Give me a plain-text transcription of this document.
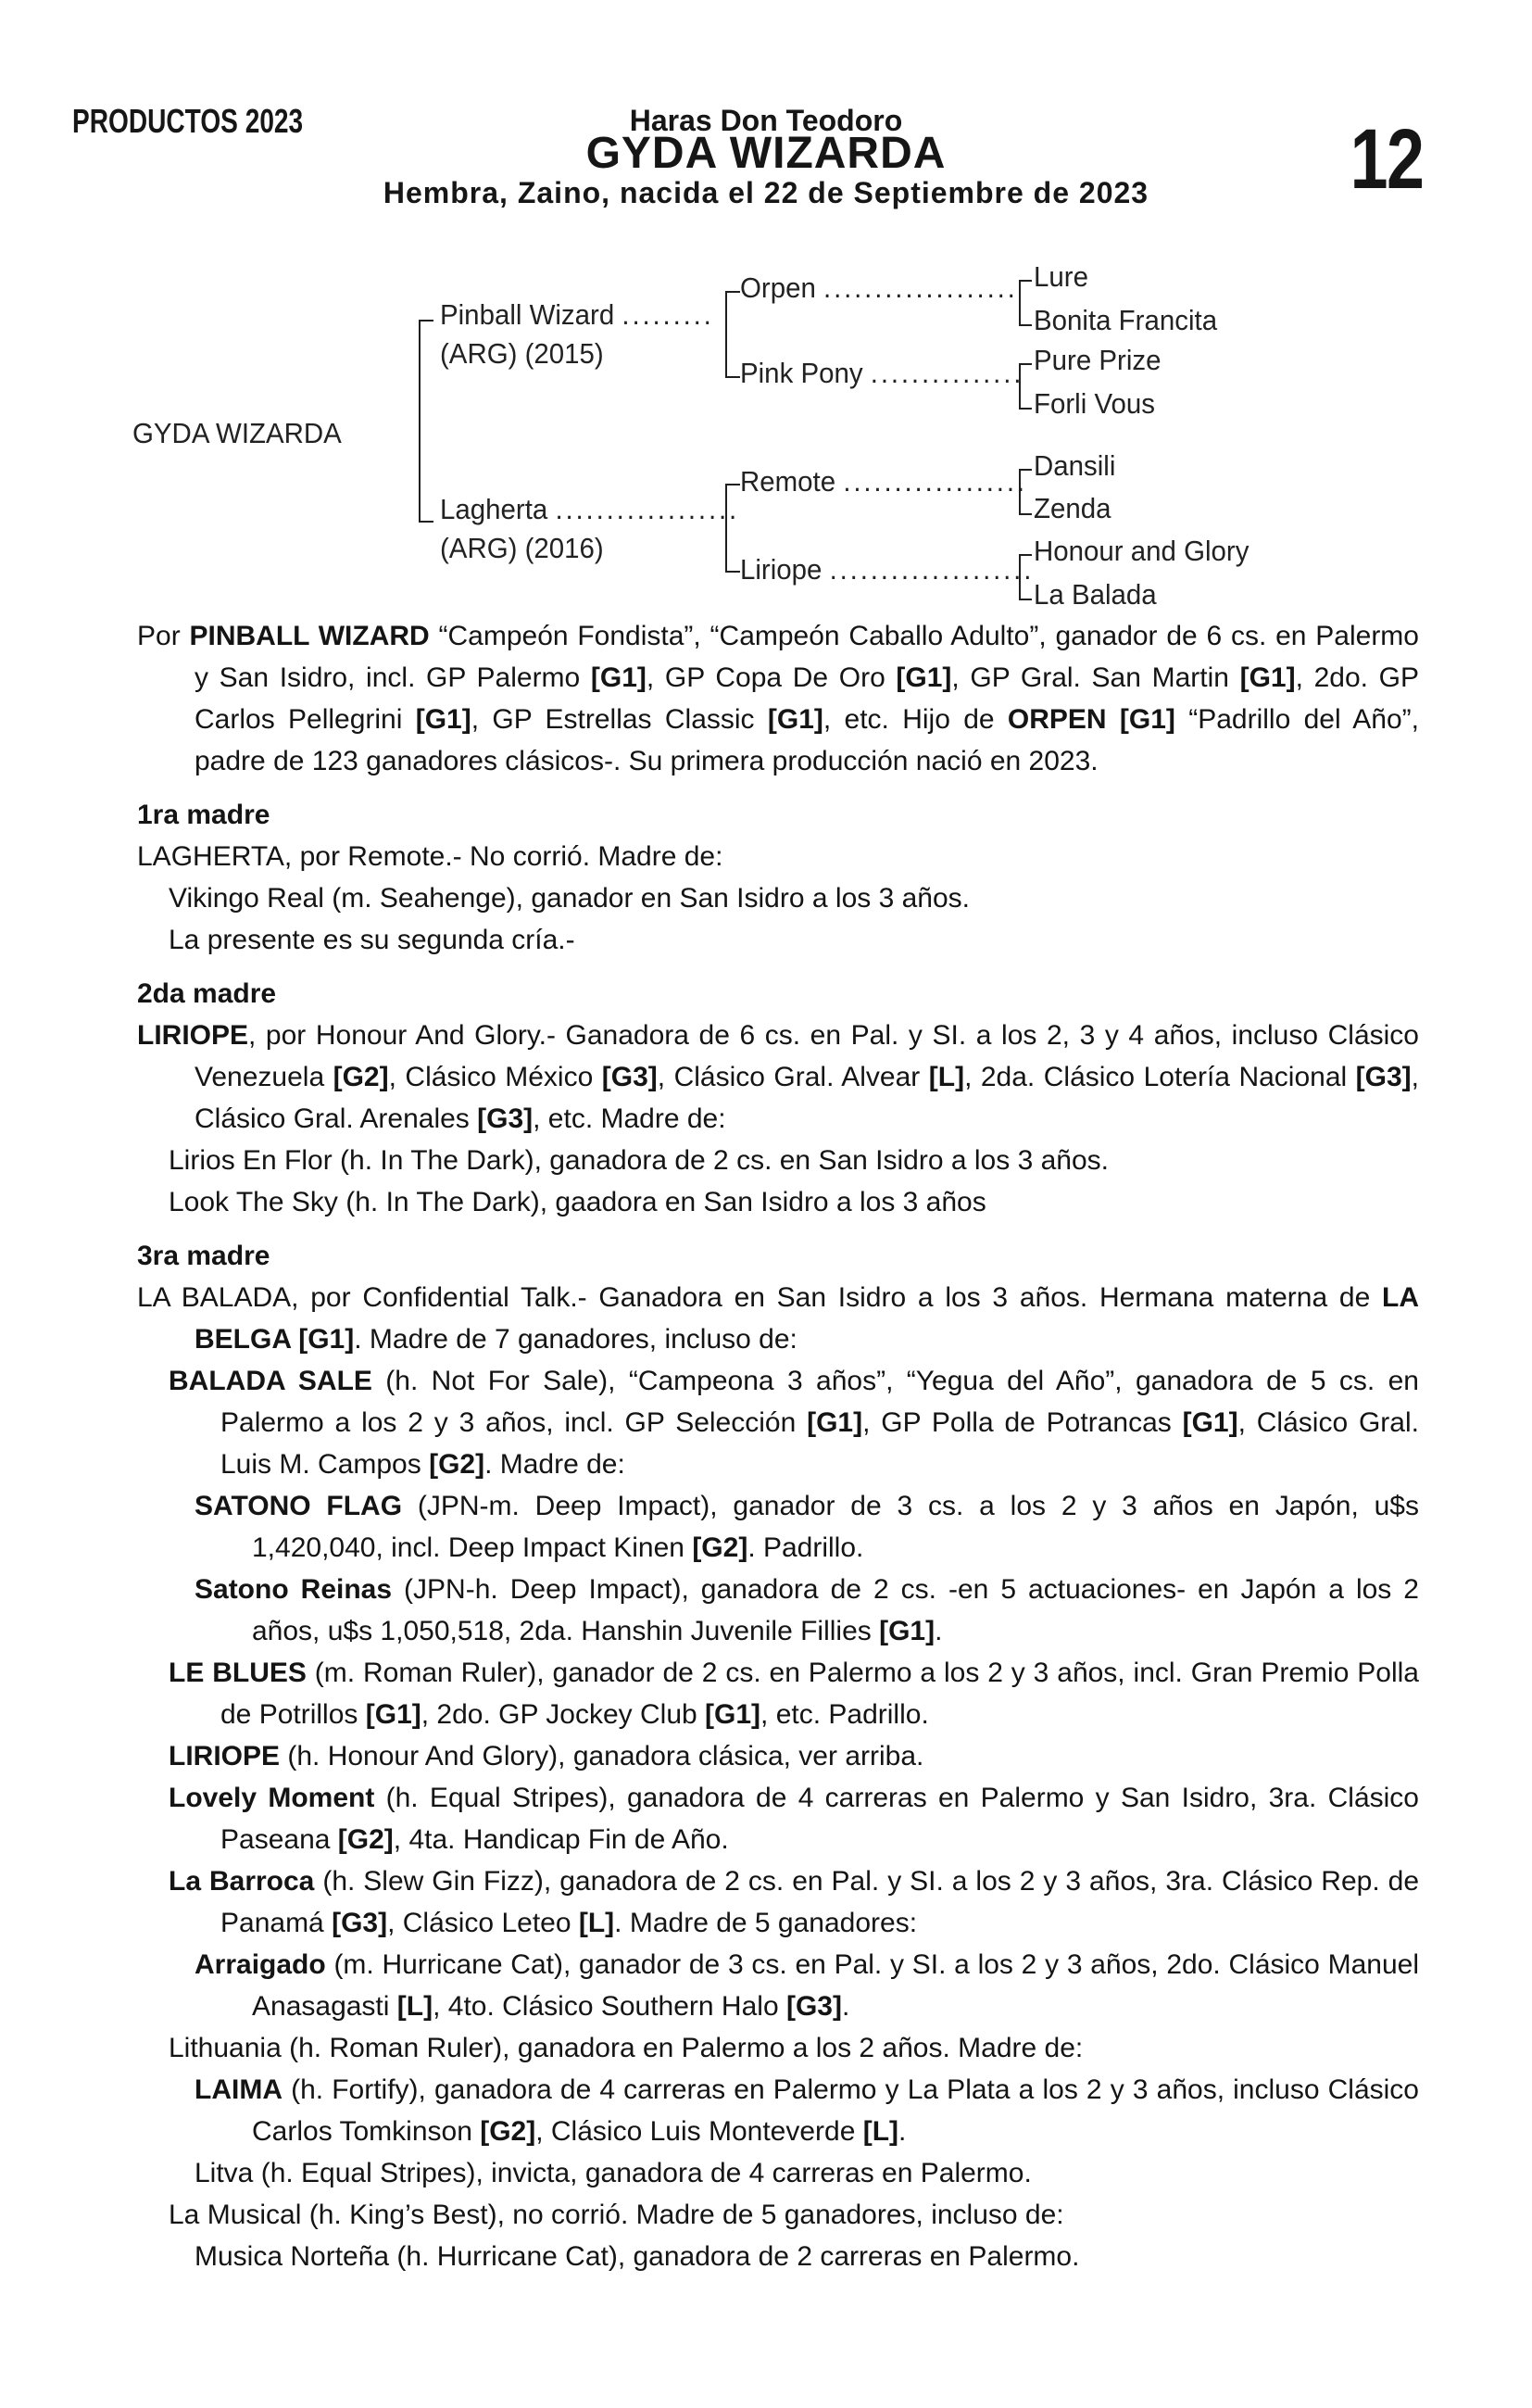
PRODUCTOS 2023	Haras Don Teodoro	12
GYDA WIZARDA
Hembra, Zaino, nacida el 22 de Septiembre de 2023
GYDA WIZARDA
Pinball Wizard .........
(ARG) (2015)
Lagherta ..................
(ARG) (2016)
Orpen ...................
Pink Pony ...............
Remote ..................
Liriope ....................
Lure
Bonita Francita
Pure Prize
Forli Vous
Dansili
Zenda
Honour and Glory
La Balada
Por PINBALL WIZARD “Campeón Fondista”, “Campeón Caballo Adulto”, ganador de 6 cs. en Palermo y San Isidro, incl. GP Palermo [G1], GP Copa De Oro [G1], GP Gral. San Martin [G1], 2do. GP Carlos Pellegrini [G1], GP Estrellas Classic [G1], etc. Hijo de ORPEN [G1] “Padrillo del Año”, padre de 123 ganadores clásicos-. Su primera producción nació en 2023.
1ra madre
LAGHERTA, por Remote.- No corrió. Madre de:
Vikingo Real (m. Seahenge), ganador en San Isidro a los 3 años.
La presente es su segunda cría.-
2da madre
LIRIOPE, por Honour And Glory.- Ganadora de 6 cs. en Pal. y SI. a los 2, 3 y 4 años, incluso Clásico Venezuela [G2], Clásico México [G3], Clásico Gral. Alvear [L], 2da. Clásico Lotería Nacional [G3], Clásico Gral. Arenales [G3], etc. Madre de:
Lirios En Flor (h. In The Dark), ganadora de 2 cs. en San Isidro a los 3 años.
Look The Sky (h. In The Dark), gaadora en San Isidro a los 3 años
3ra madre
LA BALADA, por Confidential Talk.- Ganadora en San Isidro a los 3 años. Hermana materna de LA BELGA [G1]. Madre de 7 ganadores, incluso de:
BALADA SALE (h. Not For Sale), “Campeona 3 años”, “Yegua del Año”, ganadora de 5 cs. en Palermo a los 2 y 3 años, incl. GP Selección [G1], GP Polla de Potrancas [G1], Clásico Gral. Luis M. Campos [G2]. Madre de:
SATONO FLAG (JPN-m. Deep Impact), ganador de 3 cs. a los 2 y 3 años en Japón, u$s 1,420,040, incl. Deep Impact Kinen [G2]. Padrillo.
Satono Reinas (JPN-h. Deep Impact), ganadora de 2 cs. -en 5 actuaciones- en Japón a los 2 años, u$s 1,050,518, 2da. Hanshin Juvenile Fillies [G1].
LE BLUES (m. Roman Ruler), ganador de 2 cs. en Palermo a los 2 y 3 años, incl. Gran Premio Polla de Potrillos [G1], 2do. GP Jockey Club [G1], etc. Padrillo.
LIRIOPE (h. Honour And Glory), ganadora clásica, ver arriba.
Lovely Moment (h. Equal Stripes), ganadora de 4 carreras en Palermo y San Isidro, 3ra. Clásico Paseana [G2], 4ta. Handicap Fin de Año.
La Barroca (h. Slew Gin Fizz), ganadora de 2 cs. en Pal. y SI. a los 2 y 3 años, 3ra. Clásico Rep. de Panamá [G3], Clásico Leteo [L]. Madre de 5 ganadores:
Arraigado (m. Hurricane Cat), ganador de 3 cs. en Pal. y SI. a los 2 y 3 años, 2do. Clásico Manuel Anasagasti [L], 4to. Clásico Southern Halo [G3].
Lithuania (h. Roman Ruler), ganadora en Palermo a los 2 años. Madre de:
LAIMA (h. Fortify), ganadora de 4 carreras en Palermo y La Plata a los 2 y 3 años, incluso Clásico Carlos Tomkinson [G2], Clásico Luis Monteverde [L].
Litva (h. Equal Stripes), invicta, ganadora de 4 carreras en Palermo.
La Musical (h. King’s Best), no corrió. Madre de 5 ganadores, incluso de:
Musica Norteña (h. Hurricane Cat), ganadora de 2 carreras en Palermo.
